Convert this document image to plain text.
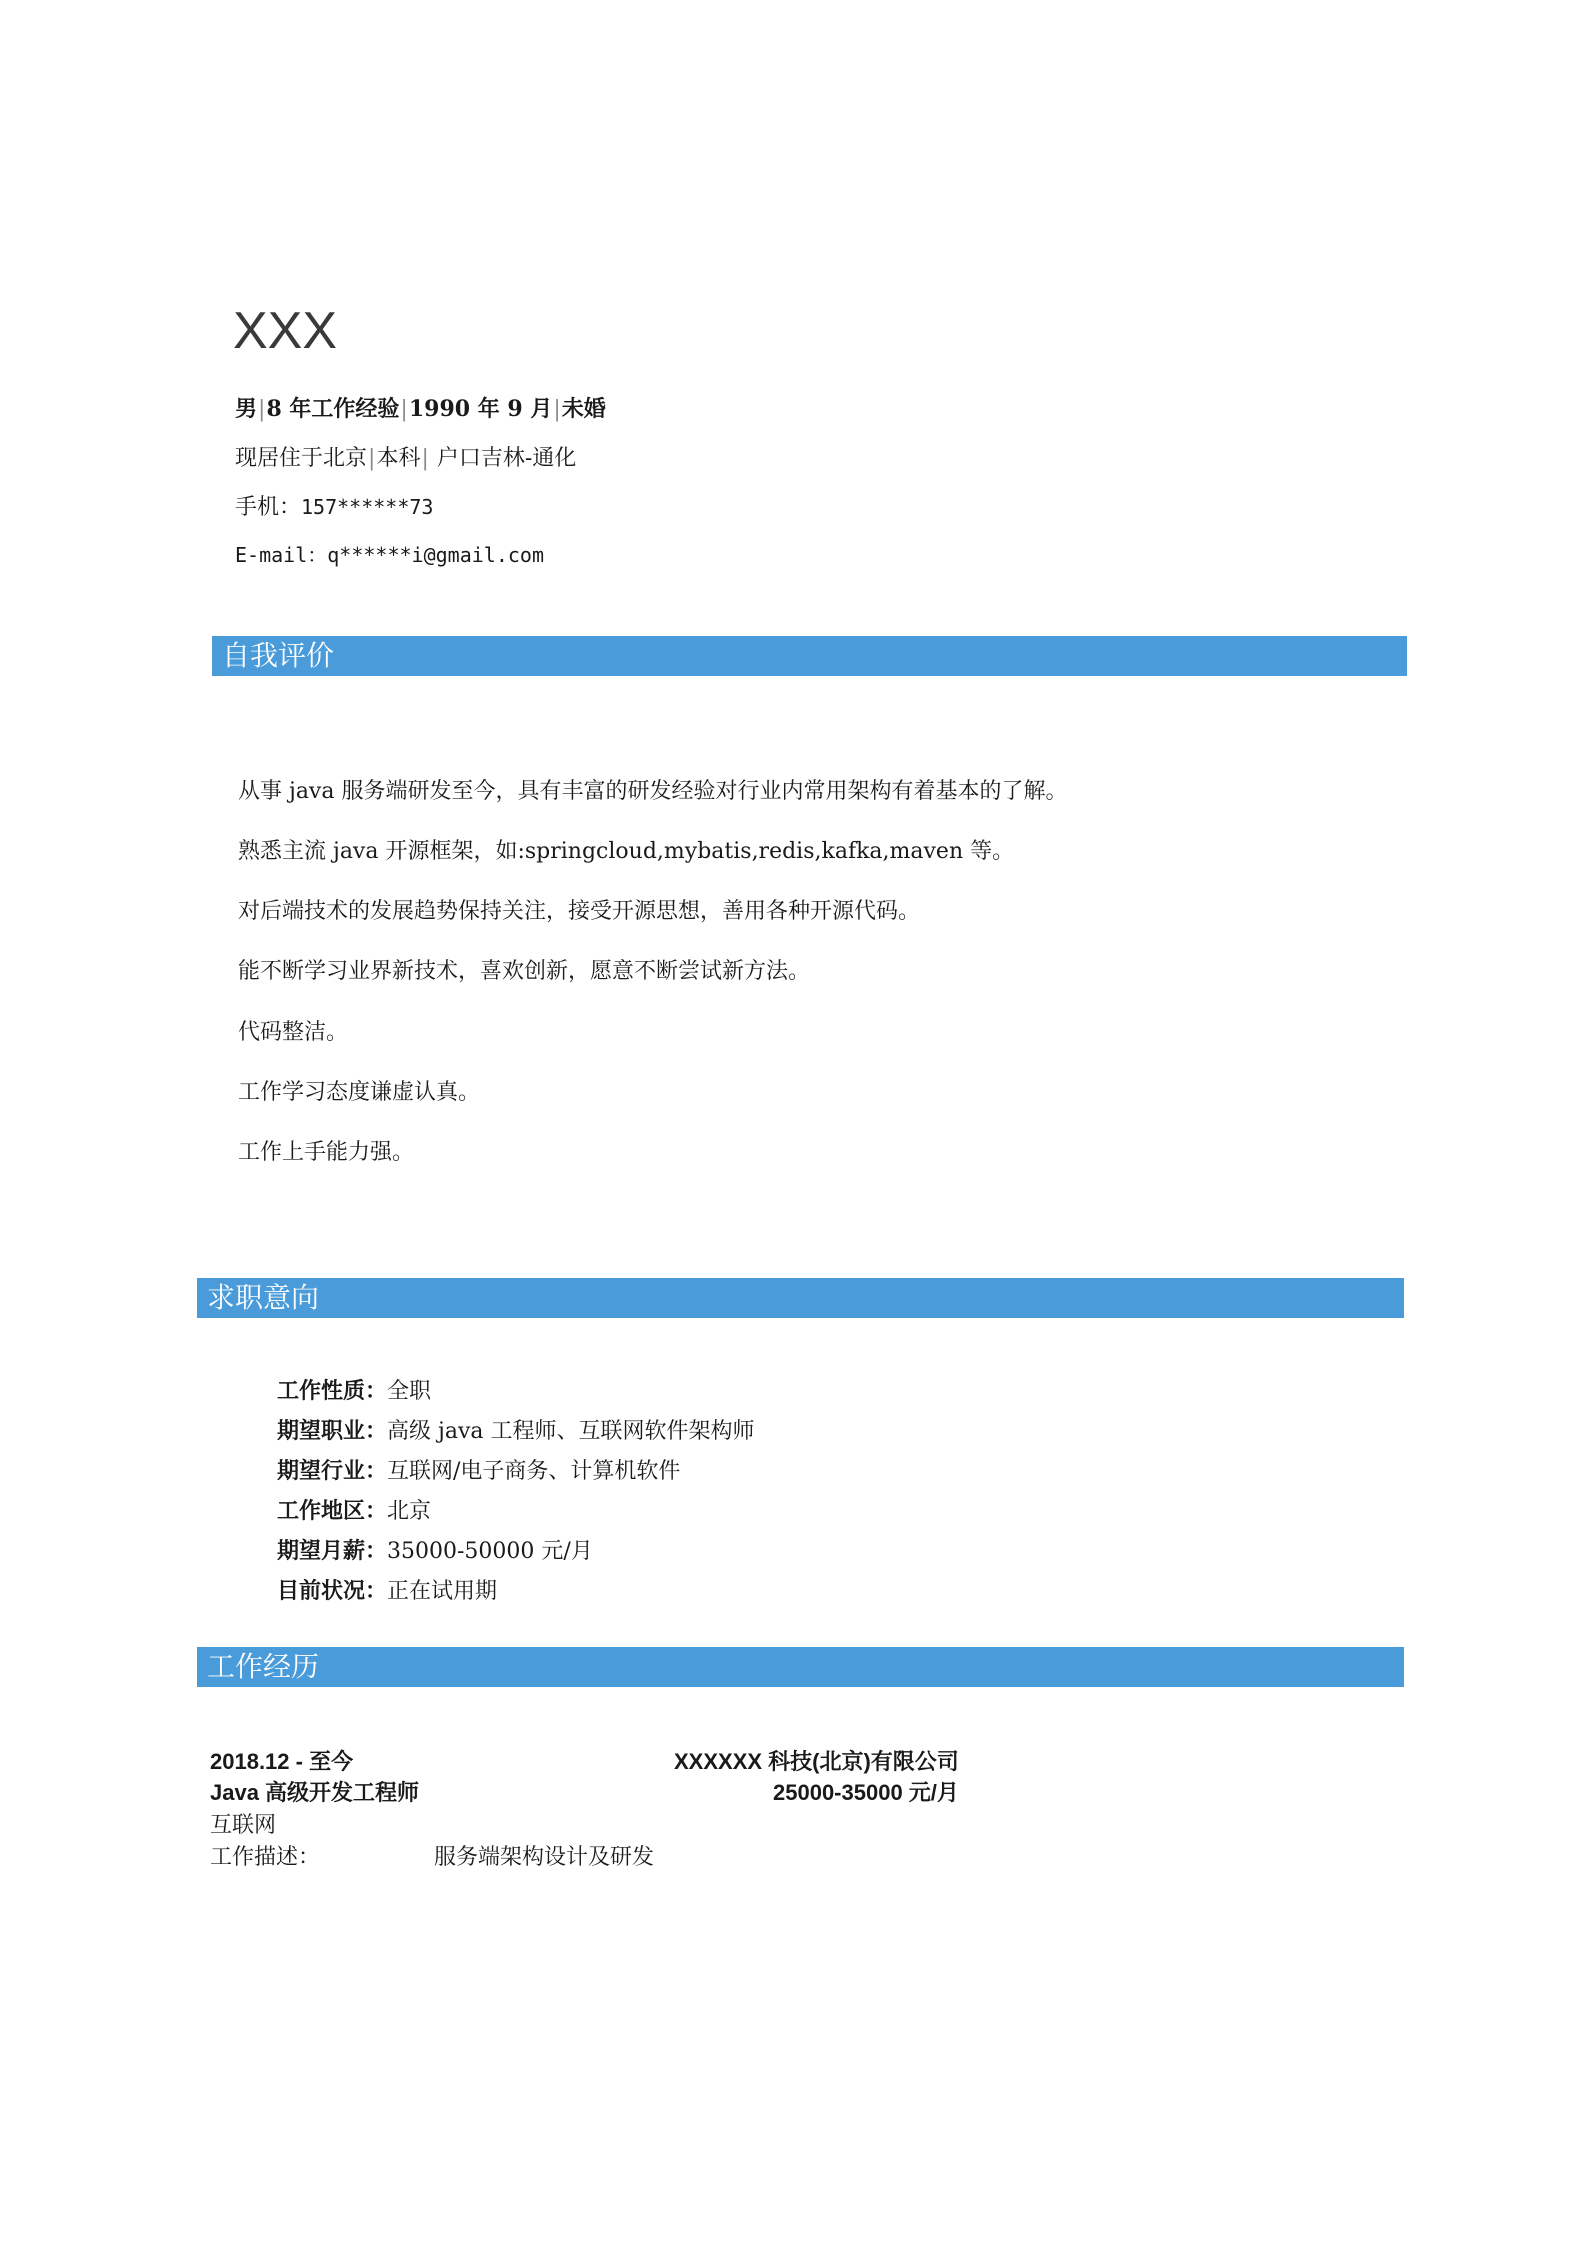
XXX
男|8 年工作经验|1990 年 9 月|未婚
现居住于北京|本科| 户口吉林-通化
手机：157******73
E-mail：q******i@gmail.com
自我评价
从事 java 服务端研发至今，具有丰富的研发经验对行业内常用架构有着基本的了解。
熟悉主流 java 开源框架，如:springcloud,mybatis,redis,kafka,maven 等。
对后端技术的发展趋势保持关注，接受开源思想，善用各种开源代码。
能不断学习业界新技术，喜欢创新，愿意不断尝试新方法。
代码整洁。
工作学习态度谦虚认真。
工作上手能力强。
求职意向
工作性质：全职
期望职业：高级 java 工程师、互联网软件架构师
期望行业：互联网/电子商务、计算机软件
工作地区：北京
期望月薪：35000-50000 元/月
目前状况：正在试用期
工作经历
2018.12 - 至今	XXXXXX 科技(北京)有限公司
Java 高级开发工程师	25000-35000 元/月
互联网
工作描述：	服务端架构设计及研发
